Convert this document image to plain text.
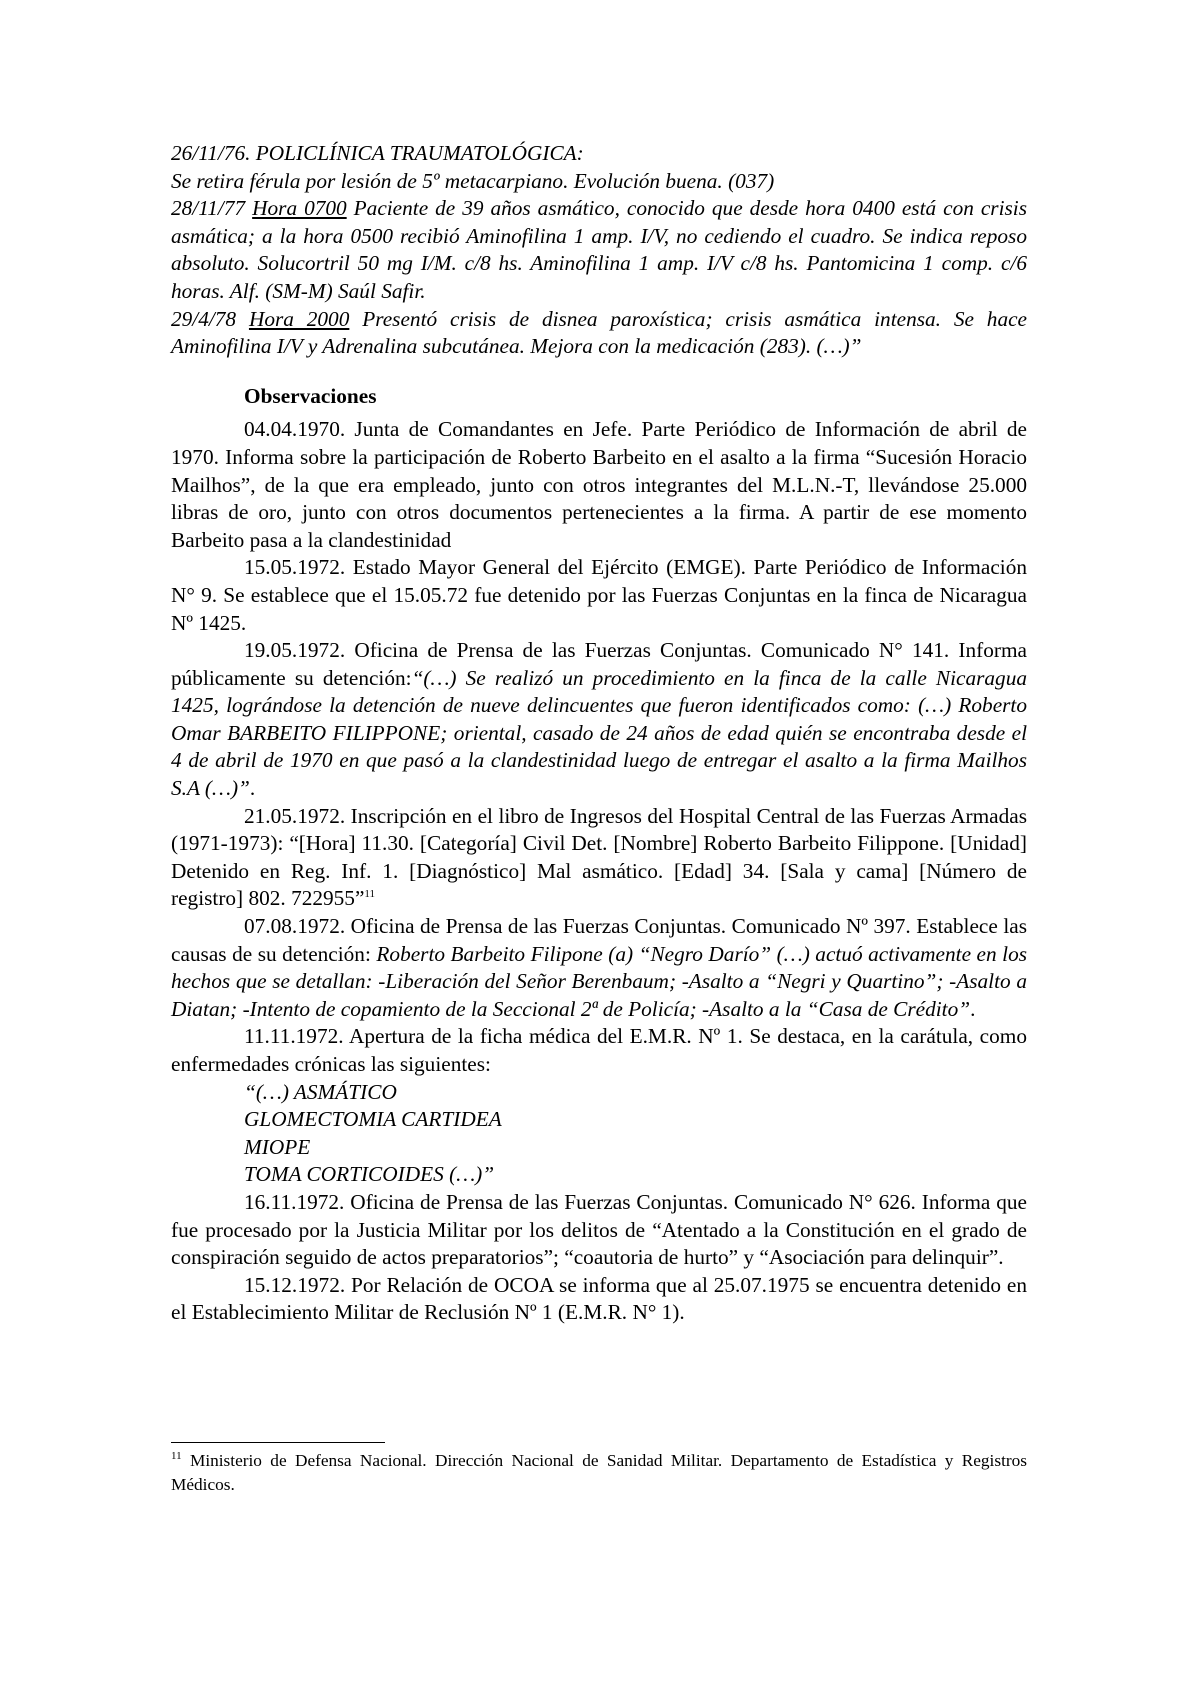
26/11/76. POLICLÍNICA TRAUMATOLÓGICA:

Se retira férula por lesión de 5º metacarpiano. Evolución buena. (037)

28/11/77 Hora 0700 Paciente de 39 años asmático, conocido que desde hora 0400 está con crisis asmática; a la hora 0500 recibió Aminofilina 1 amp. I/V, no cediendo el cuadro. Se indica reposo absoluto. Solucortril 50 mg I/M. c/8 hs. Aminofilina 1 amp. I/V c/8 hs. Pantomicina 1 comp. c/6 horas. Alf. (SM-M) Saúl Safir.

29/4/78 Hora 2000 Presentó crisis de disnea paroxística; crisis asmática intensa. Se hace Aminofilina I/V y Adrenalina subcutánea. Mejora con la medicación (283). (…)”

Observaciones

04.04.1970. Junta de Comandantes en Jefe. Parte Periódico de Información de abril de 1970. Informa sobre la participación de Roberto Barbeito en el asalto a la firma “Sucesión Horacio Mailhos”, de la que era empleado, junto con otros integrantes del M.L.N.-T, llevándose 25.000 libras de oro, junto con otros documentos pertenecientes a la firma. A partir de ese momento Barbeito pasa a la clandestinidad

15.05.1972. Estado Mayor General del Ejército (EMGE). Parte Periódico de Información N° 9. Se establece que el 15.05.72 fue detenido por las Fuerzas Conjuntas en la finca de Nicaragua Nº 1425.

19.05.1972. Oficina de Prensa de las Fuerzas Conjuntas. Comunicado N° 141. Informa públicamente su detención:“(…) Se realizó un procedimiento en la finca de la calle Nicaragua 1425, lográndose la detención de nueve delincuentes que fueron identificados como: (…) Roberto Omar BARBEITO FILIPPONE; oriental, casado de 24 años de edad quién se encontraba desde el 4 de abril de 1970 en que pasó a la clandestinidad luego de entregar el asalto a la firma Mailhos S.A (…)”.

21.05.1972. Inscripción en el libro de Ingresos del Hospital Central de las Fuerzas Armadas (1971-1973): “[Hora] 11.30. [Categoría] Civil Det. [Nombre] Roberto Barbeito Filippone. [Unidad] Detenido en Reg. Inf. 1. [Diagnóstico] Mal asmático. [Edad] 34. [Sala y cama] [Número de registro] 802. 722955”$^{11}$

07.08.1972. Oficina de Prensa de las Fuerzas Conjuntas. Comunicado Nº 397. Establece las causas de su detención: Roberto Barbeito Filipone (a) “Negro Darío” (…) actuó activamente en los hechos que se detallan: -Liberación del Señor Berenbaum; -Asalto a “Negri y Quartino”; -Asalto a Diatan; -Intento de copamiento de la Seccional 2ª de Policía; -Asalto a la “Casa de Crédito”.

11.11.1972. Apertura de la ficha médica del E.M.R. Nº 1. Se destaca, en la carátula, como enfermedades crónicas las siguientes:

“(…) ASMÁTICO

GLOMECTOMIA CARTIDEA

MIOPE

TOMA CORTICOIDES (…)”

16.11.1972. Oficina de Prensa de las Fuerzas Conjuntas. Comunicado N° 626. Informa que fue procesado por la Justicia Militar por los delitos de “Atentado a la Constitución en el grado de conspiración seguido de actos preparatorios”; “coautoria de hurto” y “Asociación para delinquir”.

15.12.1972. Por Relación de OCOA se informa que al 25.07.1975 se encuentra detenido en el Establecimiento Militar de Reclusión Nº 1 (E.M.R. N° 1).

$^{11}$ Ministerio de Defensa Nacional. Dirección Nacional de Sanidad Militar. Departamento de Estadística y Registros Médicos.
